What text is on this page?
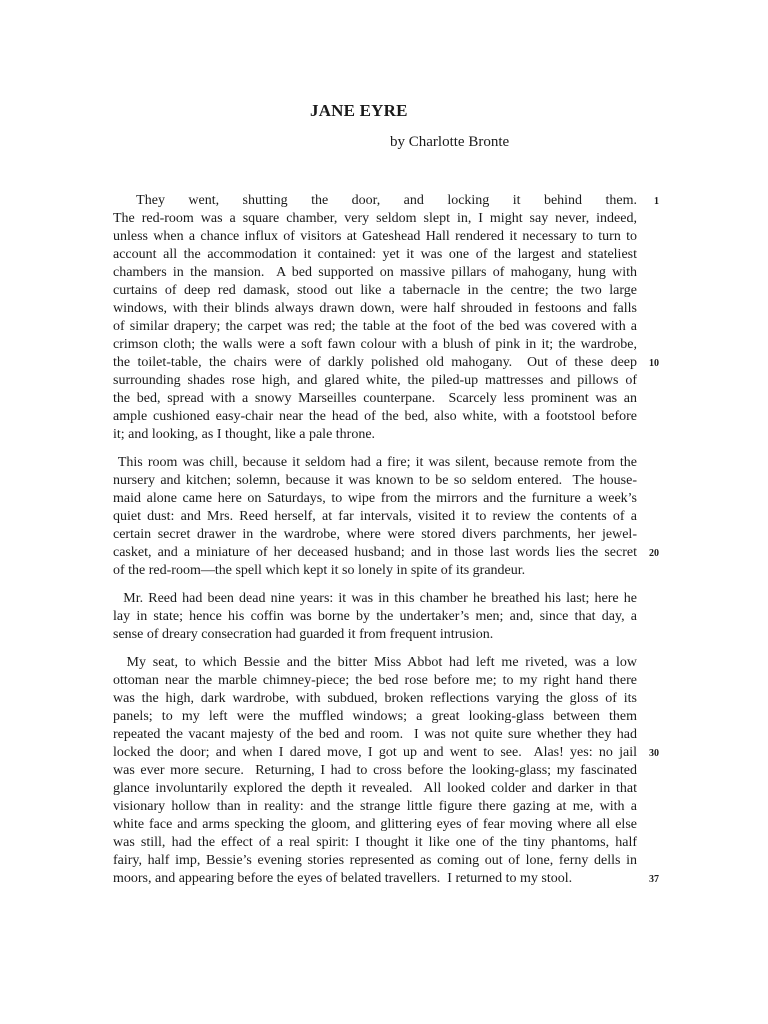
JANE EYRE
by Charlotte Bronte
They went, shutting the door, and locking it behind them. 1
The red-room was a square chamber, very seldom slept in, I might say never, indeed,
unless when a chance influx of visitors at Gateshead Hall rendered it necessary to turn to
account all the accommodation it contained: yet it was one of the largest and stateliest
chambers in the mansion.  A bed supported on massive pillars of mahogany, hung with
curtains of deep red damask, stood out like a tabernacle in the centre; the two large
windows, with their blinds always drawn down, were half shrouded in festoons and falls
of similar drapery; the carpet was red; the table at the foot of the bed was covered with a
crimson cloth; the walls were a soft fawn colour with a blush of pink in it; the wardrobe,
the toilet-table, the chairs were of darkly polished old mahogany.  Out of these deep 10
surrounding shades rose high, and glared white, the piled-up mattresses and pillows of
the bed, spread with a snowy Marseilles counterpane.  Scarcely less prominent was an
ample cushioned easy-chair near the head of the bed, also white, with a footstool before
it; and looking, as I thought, like a pale throne.
This room was chill, because it seldom had a fire; it was silent, because remote from the
nursery and kitchen; solemn, because it was known to be so seldom entered.  The house-
maid alone came here on Saturdays, to wipe from the mirrors and the furniture a week’s
quiet dust: and Mrs. Reed herself, at far intervals, visited it to review the contents of a
certain secret drawer in the wardrobe, where were stored divers parchments, her jewel-
casket, and a miniature of her deceased husband; and in those last words lies the secret 20
of the red-room—the spell which kept it so lonely in spite of its grandeur.
Mr. Reed had been dead nine years: it was in this chamber he breathed his last; here he
lay in state; hence his coffin was borne by the undertaker’s men; and, since that day, a
sense of dreary consecration had guarded it from frequent intrusion.
My seat, to which Bessie and the bitter Miss Abbot had left me riveted, was a low
ottoman near the marble chimney-piece; the bed rose before me; to my right hand there
was the high, dark wardrobe, with subdued, broken reflections varying the gloss of its
panels; to my left were the muffled windows; a great looking-glass between them
repeated the vacant majesty of the bed and room.  I was not quite sure whether they had
locked the door; and when I dared move, I got up and went to see.  Alas! yes: no jail 30
was ever more secure.  Returning, I had to cross before the looking-glass; my fascinated
glance involuntarily explored the depth it revealed.  All looked colder and darker in that
visionary hollow than in reality: and the strange little figure there gazing at me, with a
white face and arms specking the gloom, and glittering eyes of fear moving where all else
was still, had the effect of a real spirit: I thought it like one of the tiny phantoms, half
fairy, half imp, Bessie’s evening stories represented as coming out of lone, ferny dells in
moors, and appearing before the eyes of belated travellers.  I returned to my stool.	37
